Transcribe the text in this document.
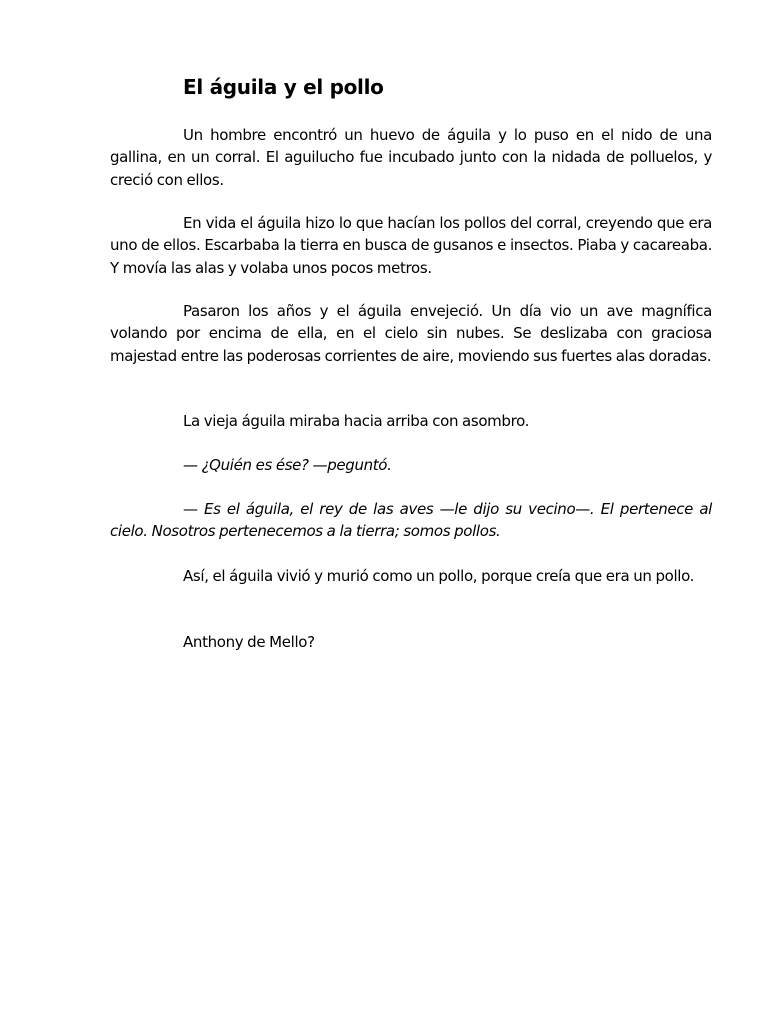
El águila y el pollo

Un hombre encontró un huevo de águila y lo puso en el nido de una gallina, en un corral. El aguilucho fue incubado junto con la nidada de polluelos, y creció con ellos.

En vida el águila hizo lo que hacían los pollos del corral, creyendo que era uno de ellos. Escarbaba la tierra en busca de gusanos e insectos. Piaba y cacareaba. Y movía las alas y volaba unos pocos metros.

Pasaron los años y el águila envejeció. Un día vio un ave magnífica volando por encima de ella, en el cielo sin nubes. Se deslizaba con graciosa majestad entre las poderosas corrientes de aire, moviendo sus fuertes alas doradas.

La vieja águila miraba hacia arriba con asombro.

— ¿Quién es ése? —peguntó.

— Es el águila, el rey de las aves —le dijo su vecino—. El pertenece al cielo. Nosotros pertenecemos a la tierra; somos pollos.

Así, el águila vivió y murió como un pollo, porque creía que era un pollo.

Anthony de Mello?
